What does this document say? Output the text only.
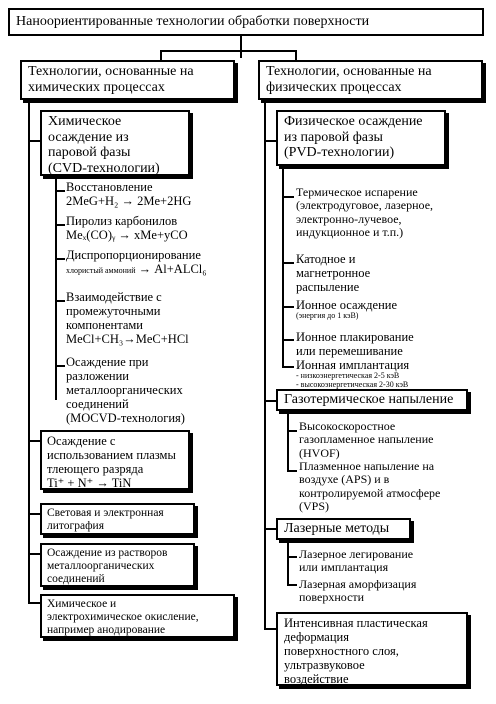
Наноориентированные технологии обработки поверхности
Технологии, основанные на
химических процессах
Химическое
осаждение из
паровой фазы
(CVD-технологии)
Восстановление
2MeG+H₂ → 2Me+2HG
Пиролиз карбонилов
Meₓ(CO)ᵧ → xMe+yCO
Диспропорционирование
хлористый аммоний → Al+ALCl₆
Взаимодействие с
промежуточными
компонентами
MeCl+CH₃→MeC+HCl
Осаждение при
разложении
металлоорганических
соединений
(MOCVD-технология)
Осаждение с
использованием плазмы
тлеющего разряда
Ti⁺ + N⁺ → TiN
Световая и электронная
литография
Осаждение из растворов
металлоорганических
соединений
Химическое и
электрохимическое окисление,
например анодирование
Технологии, основанные на
физических процессах
Физическое осаждение
из паровой фазы
(PVD-технологии)
Термическое испарение
(электродуговое, лазерное,
электронно-лучевое,
индукционное и т.п.)
Катодное и
магнетронное
распыление
Ионное осаждение
(энергия до 1 кэВ)
Ионное плакирование
или перемешивание
Ионная имплантация
- низкоэнергетическая 2-5 кэВ
- высокоэнергетическая 2-30 кэВ
Газотермическое напыление
Высокоскоростное
газопламенное напыление
(HVOF)
Плазменное напыление на
воздухе (APS) и в
контролируемой атмосфере
(VPS)
Лазерные методы
Лазерное легирование
или имплантация
Лазерная аморфизация
поверхности
Интенсивная пластическая
деформация
поверхностного слоя,
ультразвуковое
воздействие
